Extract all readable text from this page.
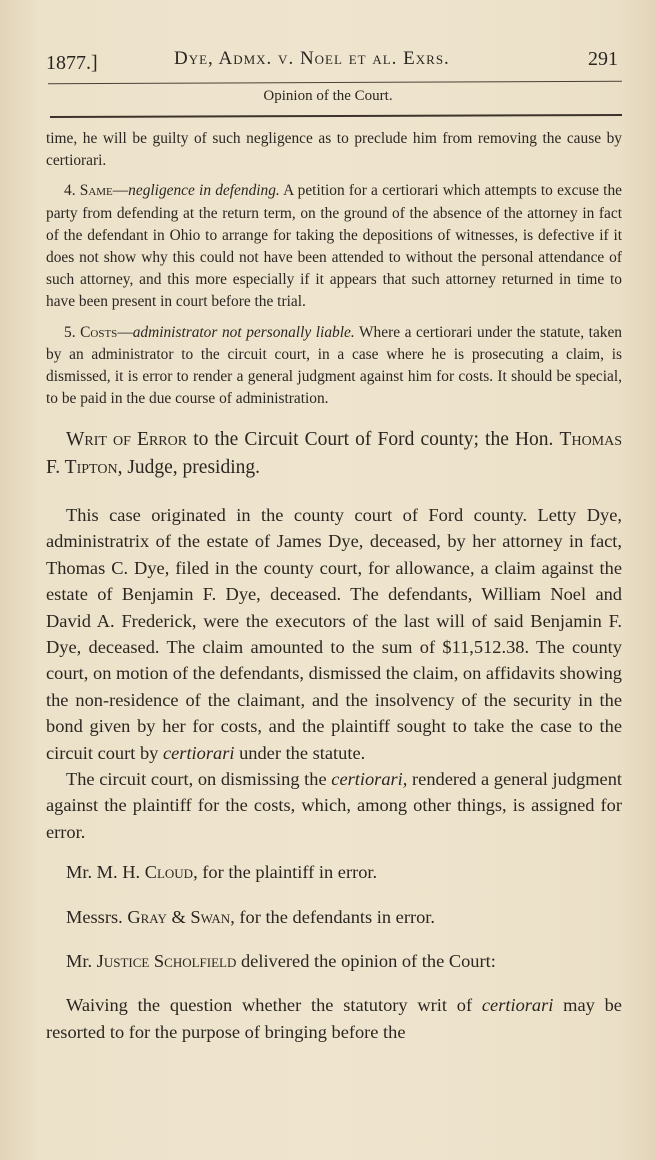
1877.]	Dye, Admx. v. Noel et al. Exrs.	291
Opinion of the Court.

time, he will be guilty of such negligence as to preclude him from removing the cause by certiorari.

4. Same—negligence in defending. A petition for a certiorari which attempts to excuse the party from defending at the return term, on the ground of the absence of the attorney in fact of the defendant in Ohio to arrange for taking the depositions of witnesses, is defective if it does not show why this could not have been attended to without the personal attendance of such attorney, and this more especially if it appears that such attorney returned in time to have been present in court before the trial.

5. Costs—administrator not personally liable. Where a certiorari under the statute, taken by an administrator to the circuit court, in a case where he is prosecuting a claim, is dismissed, it is error to render a general judgment against him for costs. It should be special, to be paid in the due course of administration.

Writ of Error to the Circuit Court of Ford county; the Hon. Thomas F. Tipton, Judge, presiding.

This case originated in the county court of Ford county. Letty Dye, administratrix of the estate of James Dye, deceased, by her attorney in fact, Thomas C. Dye, filed in the county court, for allowance, a claim against the estate of Benjamin F. Dye, deceased. The defendants, William Noel and David A. Frederick, were the executors of the last will of said Benjamin F. Dye, deceased. The claim amounted to the sum of $11,512.38. The county court, on motion of the defendants, dismissed the claim, on affidavits showing the non-residence of the claimant, and the insolvency of the security in the bond given by her for costs, and the plaintiff sought to take the case to the circuit court by certiorari under the statute.

The circuit court, on dismissing the certiorari, rendered a general judgment against the plaintiff for the costs, which, among other things, is assigned for error.

Mr. M. H. Cloud, for the plaintiff in error.

Messrs. Gray & Swan, for the defendants in error.

Mr. Justice Scholfield delivered the opinion of the Court:

Waiving the question whether the statutory writ of certiorari may be resorted to for the purpose of bringing before the
